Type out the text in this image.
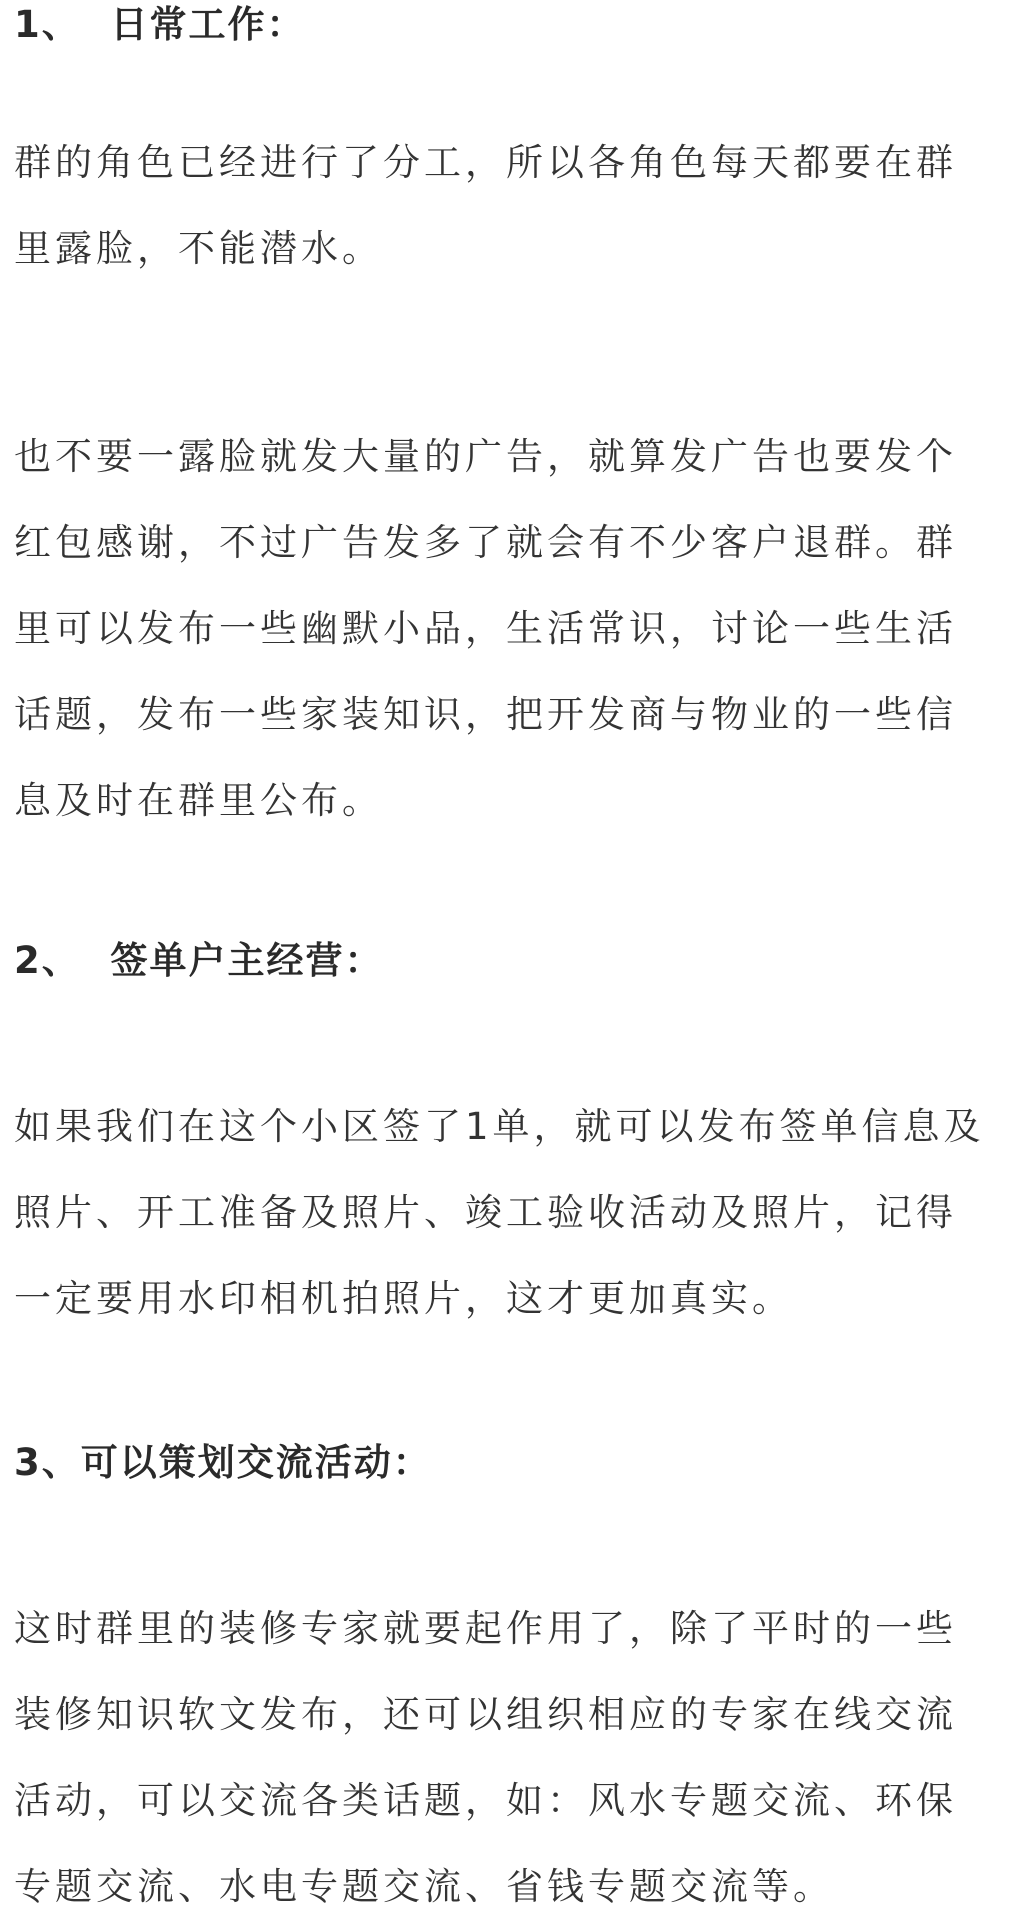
1、  日常工作：

群的角色已经进行了分工，所以各角色每天都要在群
里露脸，不能潜水。

也不要一露脸就发大量的广告，就算发广告也要发个
红包感谢，不过广告发多了就会有不少客户退群。群
里可以发布一些幽默小品，生活常识，讨论一些生活
话题，发布一些家装知识，把开发商与物业的一些信
息及时在群里公布。

2、  签单户主经营：

如果我们在这个小区签了1单，就可以发布签单信息及
照片、开工准备及照片、竣工验收活动及照片，记得
一定要用水印相机拍照片，这才更加真实。

3、可以策划交流活动：

这时群里的装修专家就要起作用了，除了平时的一些
装修知识软文发布，还可以组织相应的专家在线交流
活动，可以交流各类话题，如：风水专题交流、环保
专题交流、水电专题交流、省钱专题交流等。
